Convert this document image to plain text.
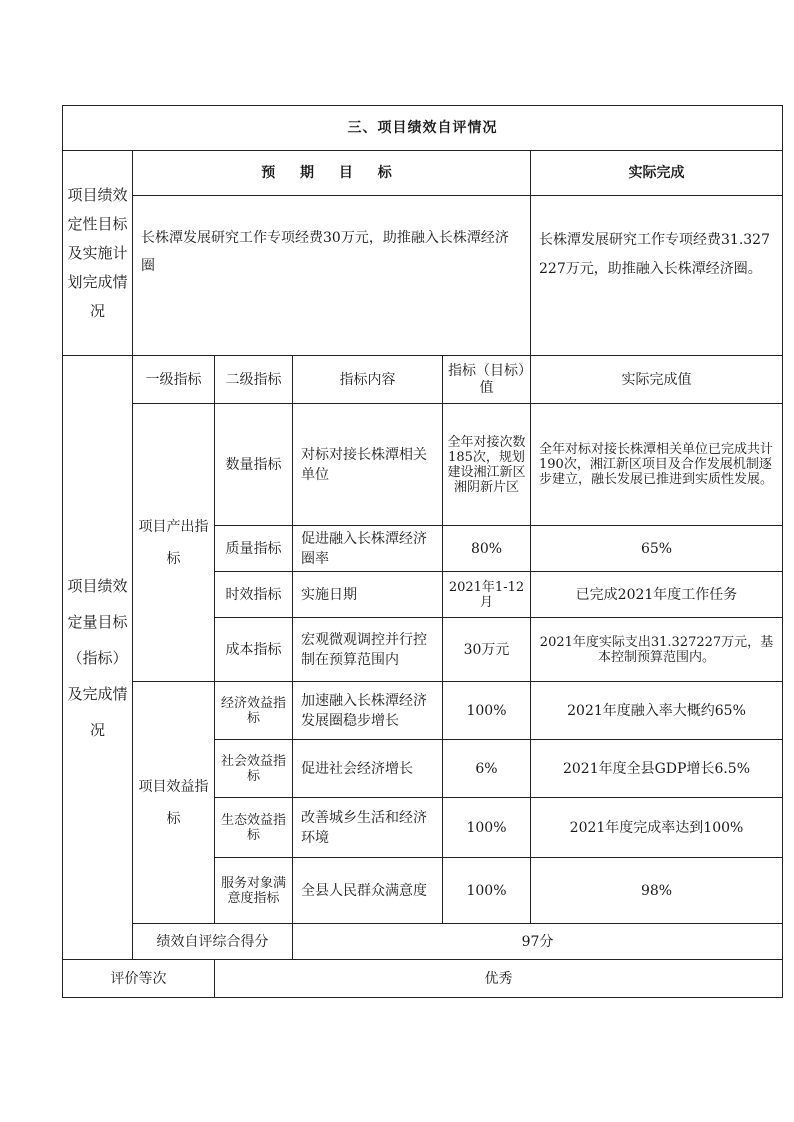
三、项目绩效自评情况					
项目绩效定性目标及实施计划完成情况	预 期 目 标				实际完成
	长株潭发展研究工作专项经费30万元，助推融入长株潭经济圈				长株潭发展研究工作专项经费31.327227万元，助推融入长株潭经济圈。
项目绩效定量目标（指标）及完成情况	一级指标	二级指标	指标内容	指标（目标）值	实际完成值
	项目产出指标	数量指标	对标对接长株潭相关单位	全年对接次数185次，规划建设湘江新区湘阴新片区	全年对标对接长株潭相关单位已完成共计190次，湘江新区项目及合作发展机制逐步建立，融长发展已推进到实质性发展。
		质量指标	促进融入长株潭经济圈率	80%	65%
		时效指标	实施日期	2021年1-12月	已完成2021年度工作任务
		成本指标	宏观微观调控并行控制在预算范围内	30万元	2021年度实际支出31.327227万元，基本控制预算范围内。
	项目效益指标	经济效益指标	加速融入长株潭经济发展圈稳步增长	100%	2021年度融入率大概约65%
		社会效益指标	促进社会经济增长	6%	2021年度全县GDP增长6.5%
		生态效益指标	改善城乡生活和经济环境	100%	2021年度完成率达到100%
		服务对象满意度指标	全县人民群众满意度	100%	98%
	绩效自评综合得分		97分		
评价等次		优秀			
